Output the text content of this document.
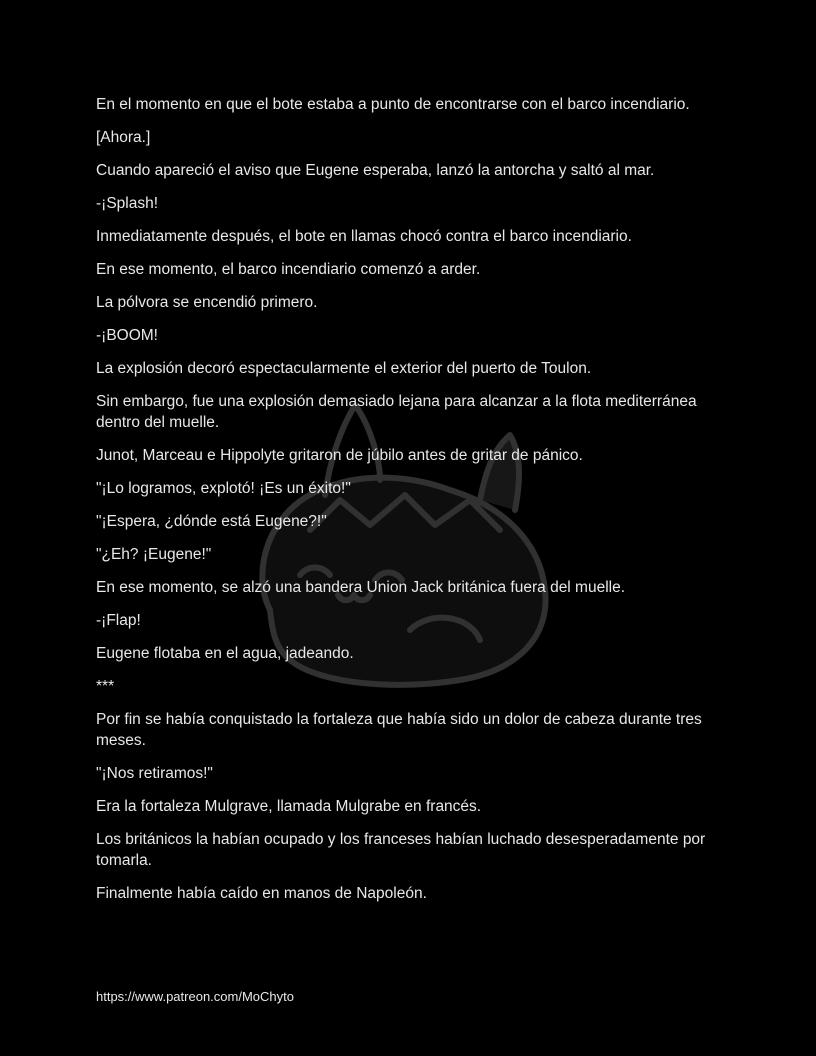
En el momento en que el bote estaba a punto de encontrarse con el barco incendiario.

[Ahora.]

Cuando apareció el aviso que Eugene esperaba, lanzó la antorcha y saltó al mar.

-¡Splash!

Inmediatamente después, el bote en llamas chocó contra el barco incendiario.

En ese momento, el barco incendiario comenzó a arder.

La pólvora se encendió primero.

-¡BOOM!

La explosión decoró espectacularmente el exterior del puerto de Toulon.

Sin embargo, fue una explosión demasiado lejana para alcanzar a la flota mediterránea dentro del muelle.

Junot, Marceau e Hippolyte gritaron de júbilo antes de gritar de pánico.

"¡Lo logramos, explotó! ¡Es un éxito!"

"¡Espera, ¿dónde está Eugene?!"

"¿Eh? ¡Eugene!"

En ese momento, se alzó una bandera Union Jack británica fuera del muelle.

-¡Flap!

Eugene flotaba en el agua, jadeando.

***

Por fin se había conquistado la fortaleza que había sido un dolor de cabeza durante tres meses.

"¡Nos retiramos!"

Era la fortaleza Mulgrave, llamada Mulgrabe en francés.

Los británicos la habían ocupado y los franceses habían luchado desesperadamente por tomarla.

Finalmente había caído en manos de Napoleón.

https://www.patreon.com/MoChyto
